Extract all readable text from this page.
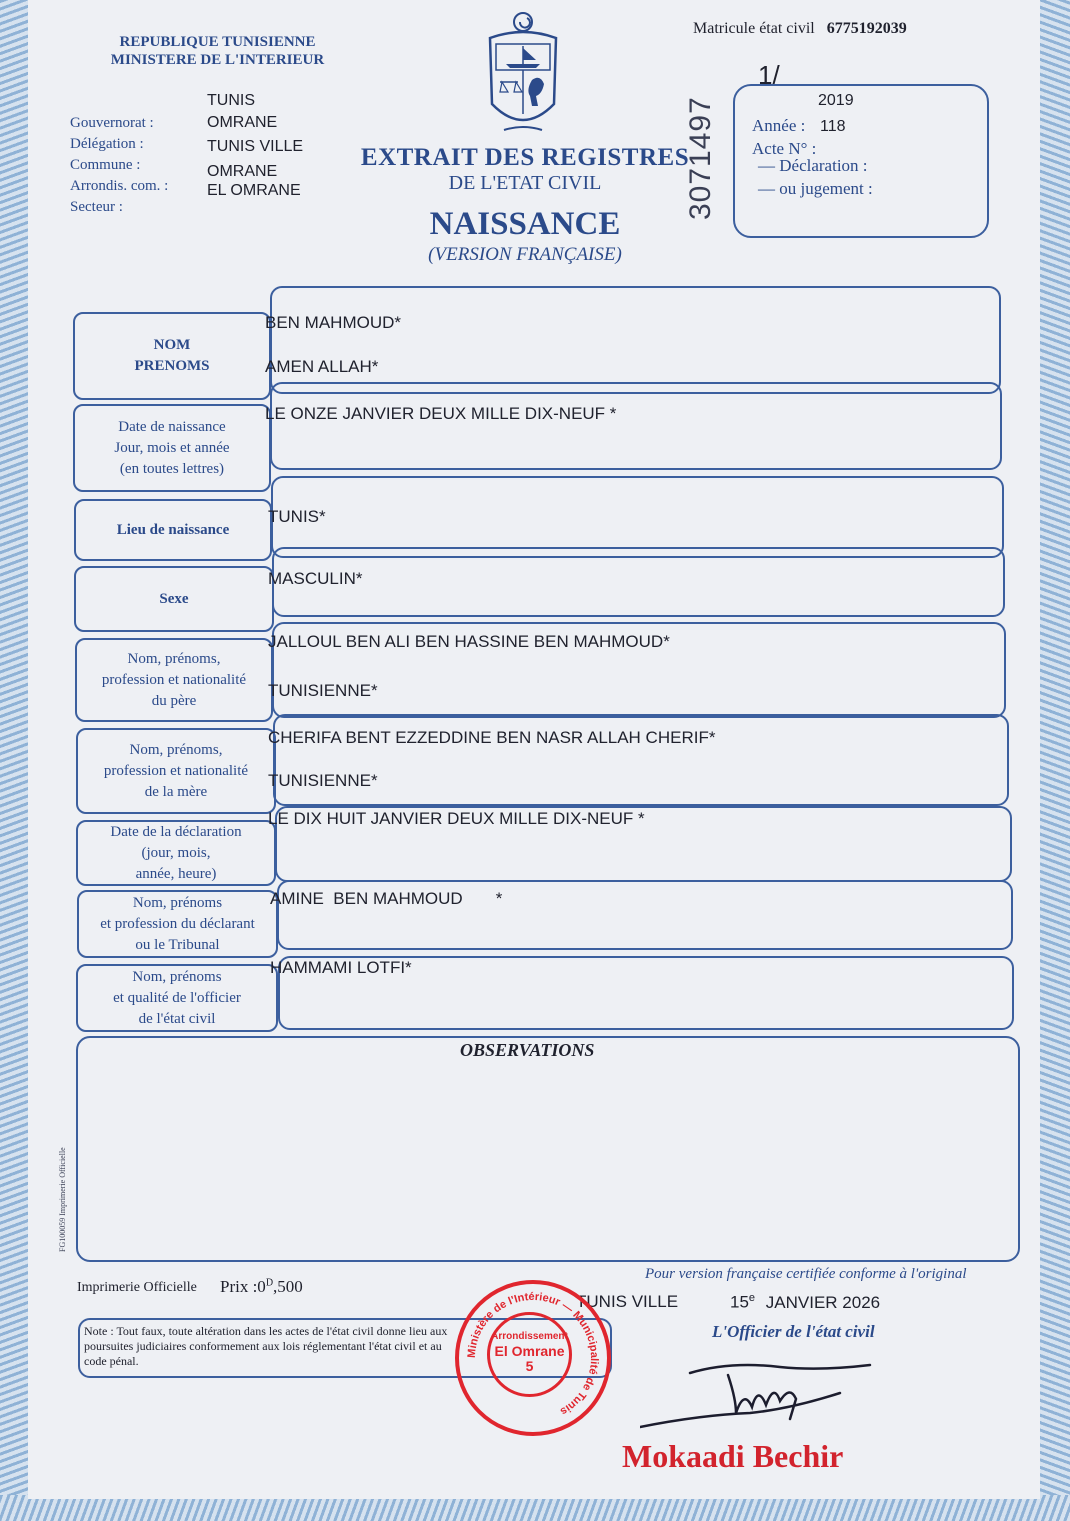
REPUBLIQUE TUNISIENNE
MINISTERE DE L'INTERIEUR
Gouvernorat :
Délégation :
Commune :
Arrondis. com. :
Secteur :
TUNIS
OMRANE
TUNIS VILLE
OMRANE
EL OMRANE
EXTRAIT DES REGISTRES
DE L'ETAT CIVIL
NAISSANCE
(VERSION FRANÇAISE)
Matricule état civil 6775192039
3071497
1/
2019
Année : 118
Acte N° :
— Déclaration :
— ou jugement :
NOM
PRENOMS
BEN MAHMOUD*
AMEN ALLAH*
Date de naissance
Jour, mois et année
(en toutes lettres)
LE ONZE JANVIER DEUX MILLE DIX-NEUF *
Lieu de naissance
TUNIS*
Sexe
MASCULIN*
Nom, prénoms,
profession et nationalité
du père
JALLOUL BEN ALI BEN HASSINE BEN MAHMOUD*
TUNISIENNE*
Nom, prénoms,
profession et nationalité
de la mère
CHERIFA BENT EZZEDDINE BEN NASR ALLAH CHERIF*
TUNISIENNE*
Date de la déclaration
(jour, mois,
année, heure)
LE DIX HUIT JANVIER DEUX MILLE DIX-NEUF *
Nom, prénoms
et profession du déclarant
ou le Tribunal
AMINE  BEN MAHMOUD       *
Nom, prénoms
et qualité de l'officier
de l'état civil
HAMMAMI LOTFI*
OBSERVATIONS
FG100059 Imprimerie Officielle
Imprimerie Officielle Prix $:0^D,500$
Pour version française certifiée conforme à l'original
TUNIS VILLE	15e JANVIER 2026
L'Officier de l'état civil
Note : Tout faux, toute altération dans les actes de l'état civil donne lieu aux
poursuites judiciaires conformement aux lois réglementant l'état civil et au
code pénal.
Ministère de l'Intérieur — Municipalité de Tunis
Arrondissement
El Omrane
5
Mokaadi Bechir
